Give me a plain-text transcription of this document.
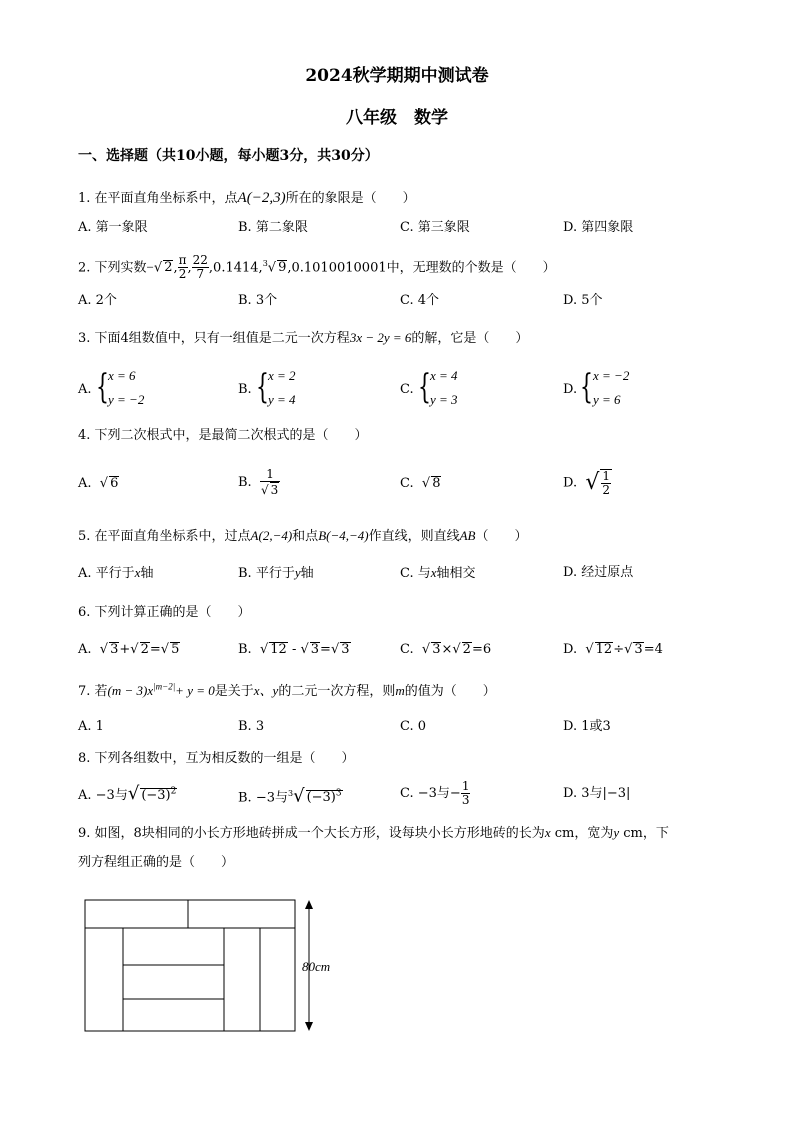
2024秋学期期中测试卷
八年级　数学
一、选择题（共10小题，每小题3分，共30分）
1. 在平面直角坐标系中，点A(−2,3)所在的象限是（　　）
A. 第一象限	B. 第二象限	C. 第三象限	D. 第四象限
2. 下列实数−√ 2, $\frac{\pi}{2}$ , $\frac{22}{7} ,0.1414,^3√$ 9,0.1010010001中，无理数的个数是（　　）
A. 2个	B. 3个	C. 4个	D. 5个
3. 下面4组数值中，只有一组值是二元一次方程3x − 2y = 6的解，它是（　　）
A. { x = 6
y = −2
B. { x = 2
y = 4
C. { x = 4
y = 3
D. { x = −2
y = 6
4. 下列二次根式中，是最简二次根式的是（　　）
A. √ 6	B. $\frac{1}{√ 3}$	C. √ 8	D. √ $\frac{1}{2}$
5. 在平面直角坐标系中，过点A(2,−4)和点B(−4,−4)作直线，则直线AB（　　）
A. 平行于x轴	B. 平行于y轴	C. 与x轴相交	D. 经过原点
6. 下列计算正确的是（　　）
A.  √ 3+√ 2=√ 5	B.  √ 12 - √ 3=√ 3	C.  √ 3×√ 2=6	D.  √ 12÷√ 3=4
7. 若$(m - 3)x^{|m-2|}+ y = 0$是关于x、y的二元一次方程，则m的值为（　　）
A. 1	B. 3	C. 0	D. 1或3
8. 下列各组数中，互为相反数的一组是（　　）
A. −3与√ $(-3)^2$	B. −3与$^3$√ $(-3)^3$	C. −3与− $\frac{1}{3}$	D. 3与|−3|
9. 如图，8块相同的小长方形地砖拼成一个大长方形，设每块小长方形地砖的长为x cm，宽为y cm，下
列方程组正确的是（　　）
80cm
